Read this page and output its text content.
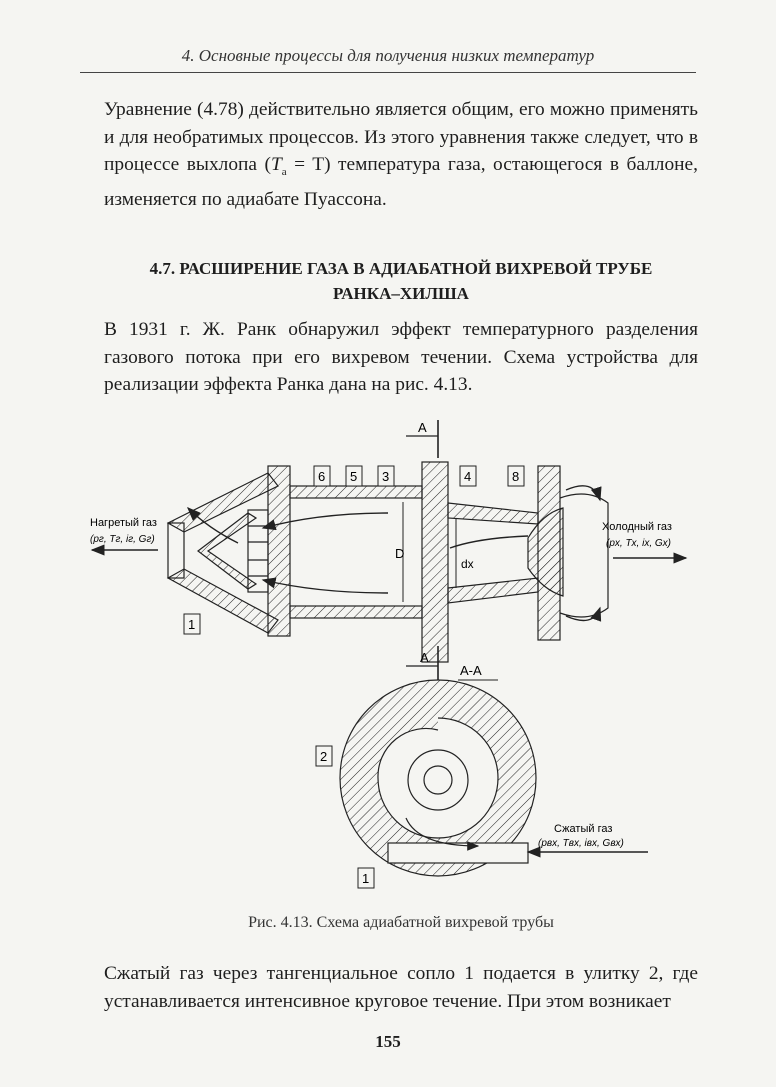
4. Основные процессы для получения низких температур

Уравнение (4.78) действительно является общим, его можно применять и для необратимых процессов. Из этого уравнения также следует, что в процессе выхлопа $(T_a = T)$ температура газа, остающегося в баллоне, изменяется по адиабате Пуассона.

4.7. РАСШИРЕНИЕ ГАЗА В АДИАБАТНОЙ ВИХРЕВОЙ ТРУБЕ
РАНКА–ХИЛША

В 1931 г. Ж. Ранк обнаружил эффект температурного разделения газового потока при его вихревом течении. Схема устройства для реализации эффекта Ранка дана на рис. 4.13.

A
D
dх
Нагретый газ
(pг, Tг, iг, Gг)
Холодный газ
(pх, Tх, iх, Gх)
6 5 3	4	8
1
A
A-A
Сжатый газ
(pвх, Tвх, iвх, Gвх)
2
1
Рис. 4.13. Схема адиабатной вихревой трубы

Сжатый газ через тангенциальное сопло 1 подается в улитку 2, где устанавливается интенсивное круговое течение. При этом возникает

155
